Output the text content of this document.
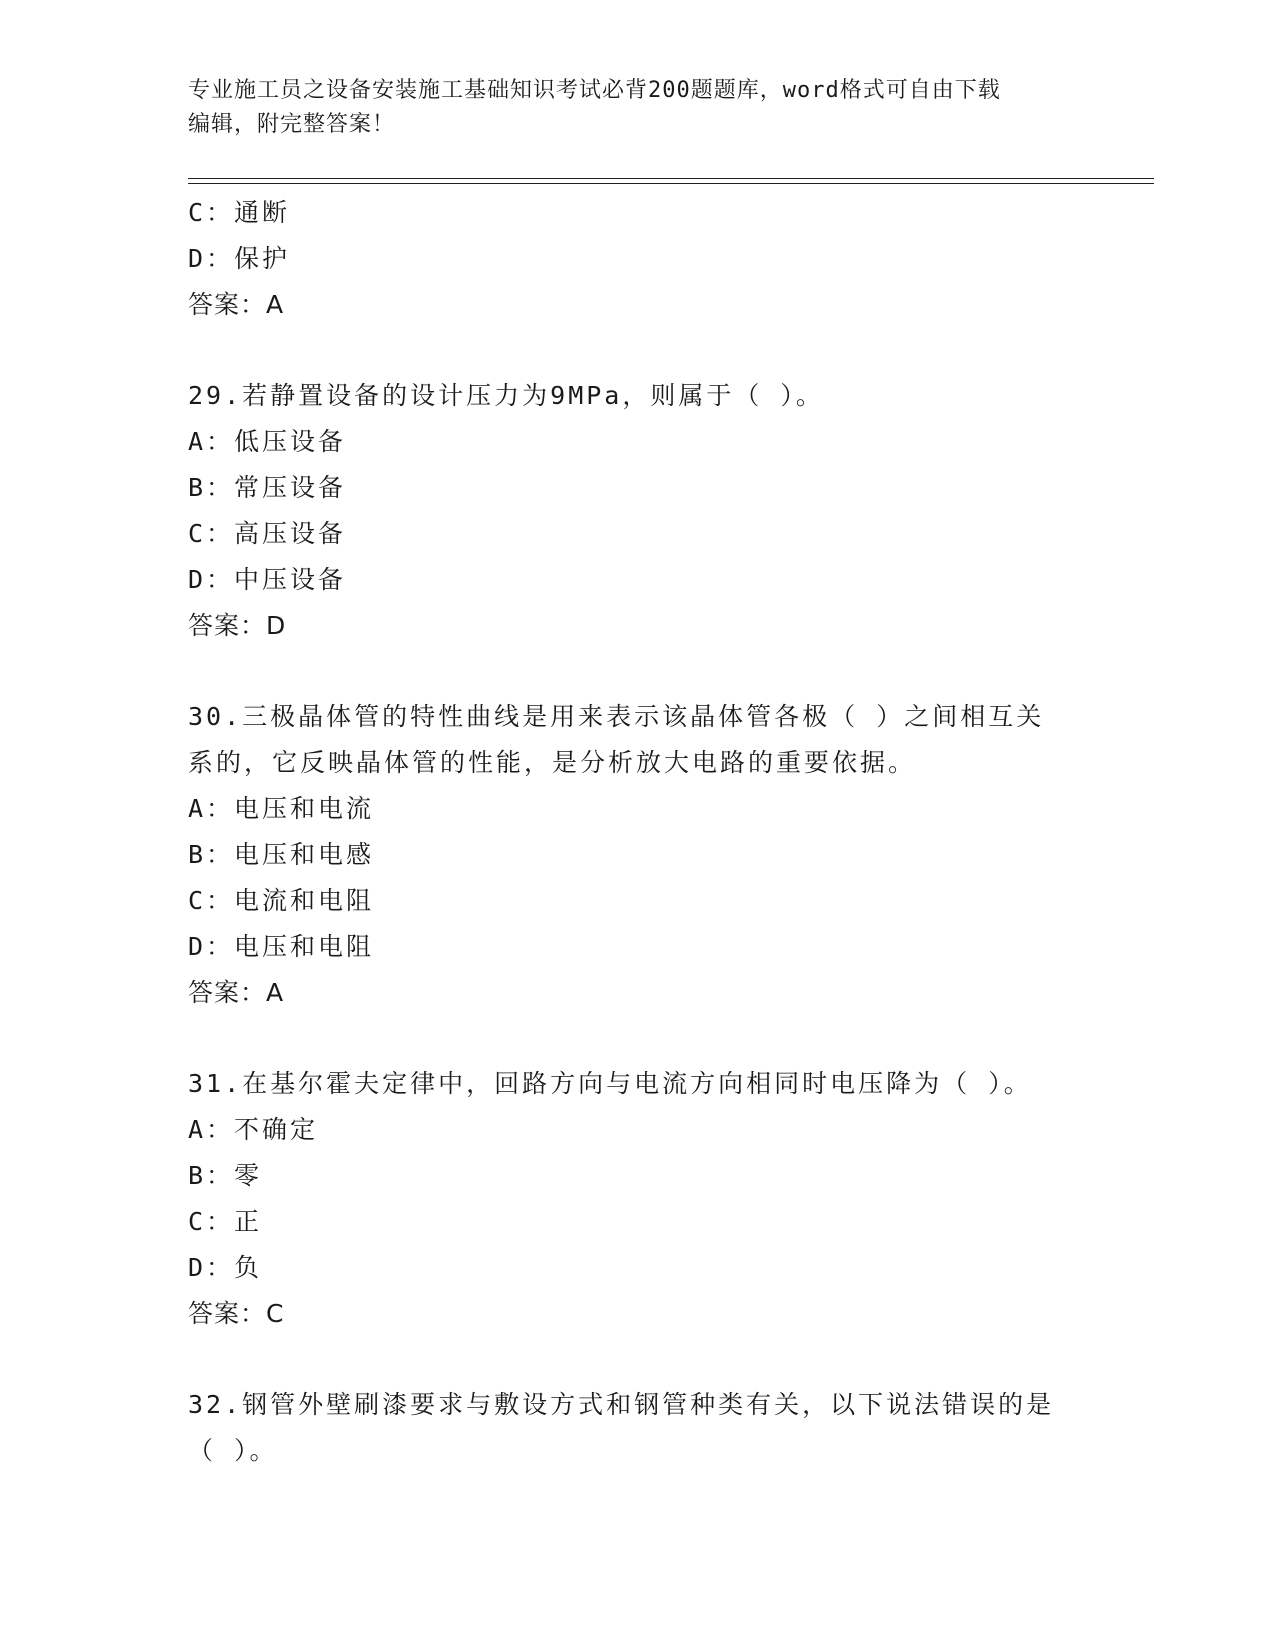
专业施工员之设备安装施工基础知识考试必背200题题库，word格式可自由下载
编辑，附完整答案！
C：通断
D：保护
答案：A
29.若静置设备的设计压力为9MPa，则属于（ ）。
A：低压设备
B：常压设备
C：高压设备
D：中压设备
答案：D
30.三极晶体管的特性曲线是用来表示该晶体管各极（ ）之间相互关
系的，它反映晶体管的性能，是分析放大电路的重要依据。
A：电压和电流
B：电压和电感
C：电流和电阻
D：电压和电阻
答案：A
31.在基尔霍夫定律中，回路方向与电流方向相同时电压降为（ ）。
A：不确定
B：零
C：正
D：负
答案：C
32.钢管外壁刷漆要求与敷设方式和钢管种类有关，以下说法错误的是
（ ）。
